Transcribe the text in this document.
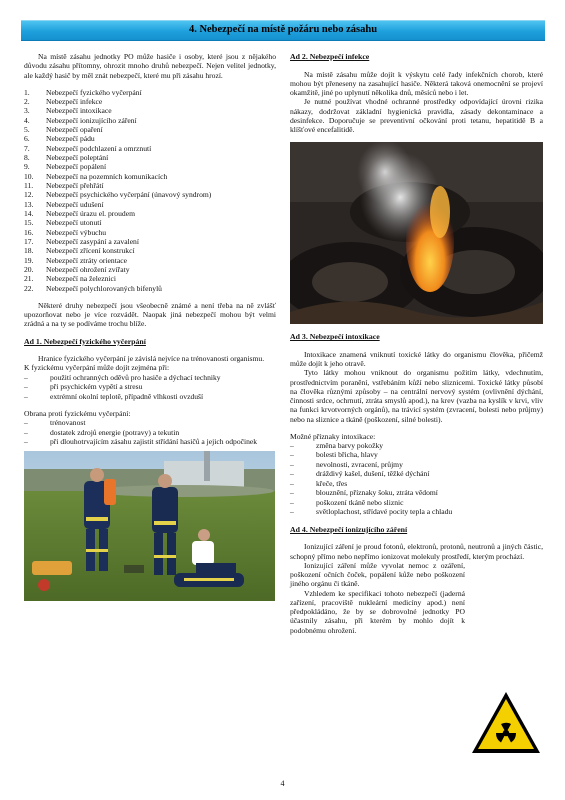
4. Nebezpečí na místě požáru nebo zásahu

Na místě zásahu jednotky PO může hasiče i osoby, které jsou z nějakého důvodu zásahu přítomny, ohrozit mnoho druhů nebezpečí. Nejen velitel jednotky, ale každý hasič by měl znát nebezpečí, které mu při zásahu hrozí.

1.	Nebezpečí fyzického vyčerpání
2.	Nebezpečí infekce
3.	Nebezpečí intoxikace
4.	Nebezpečí ionizujícího záření
5.	Nebezpečí opaření
6.	Nebezpečí pádu
7.	Nebezpečí podchlazení a omrznutí
8.	Nebezpečí poleptání
9.	Nebezpečí popálení
10.	Nebezpečí na pozemních komunikacích
11.	Nebezpečí přehřátí
12.	Nebezpečí psychického vyčerpání (únavový syndrom)
13.	Nebezpečí udušení
14.	Nebezpečí úrazu el. proudem
15.	Nebezpečí utonutí
16.	Nebezpečí výbuchu
17.	Nebezpečí zasypání a zavalení
18.	Nebezpečí zřícení konstrukcí
19.	Nebezpečí ztráty orientace
20.	Nebezpečí ohrožení zvířaty
21.	Nebezpečí na železnici
22.	Nebezpečí polychlorovaných bifenylů

Některé druhy nebezpečí jsou všeobecně známé a není třeba na ně zvlášť upozorňovat nebo je více rozvádět. Naopak jiná nebezpečí mohou být velmi zrádná a na ty se podíváme trochu blíže.

Ad 1. Nebezpečí fyzického vyčerpání

Hranice fyzického vyčerpání je závislá nejvíce na trénovanosti organismu.

K fyzickému vyčerpání může dojít zejména při:

–	použití ochranných oděvů pro hasiče a dýchací techniky
–	při psychickém vypětí a stresu
–	extrémní okolní teplotě, případně vlhkosti ovzduší

Obrana proti fyzickému vyčerpání:

–	trénovanost
–	dostatek zdrojů energie (potravy) a tekutin
–	při dlouhotrvajícím zásahu zajistit střídání hasičů a jejich odpočinek
Ad 2. Nebezpečí infekce

Na místě zásahu může dojít k výskytu celé řady infekčních chorob, které mohou být přeneseny na zasahující hasiče. Některá taková onemocnění se projeví okamžitě, jiné po uplynutí několika dnů, měsíců nebo i let.

Je nutné používat vhodné ochranné prostředky odpovídající úrovni rizika nákazy, dodržovat základní hygienická pravidla, zásady dekontaminace a desinfekce. Doporučuje se preventivní očkování proti tetanu, hepatitidě B a klíšťové encefalitidě.

Ad 3. Nebezpečí intoxikace

Intoxikace znamená vniknutí toxické látky do organismu člověka, přičemž může dojít k jeho otravě.

Tyto látky mohou vniknout do organismu požitím látky, vdechnutím, prostřednictvím poranění, vstřebáním kůží nebo sliznicemi. Toxické látky působí na člověka různými způsoby – na centrální nervový systém (ovlivnění dýchání, činnosti srdce, ochrnutí, ztráta smyslů apod.), na krev (vazba na kyslík v krvi, vliv na funkci krvotvorných orgánů), na trávicí systém (zvracení, bolesti nebo průjmy) nebo na sliznice a tkáně (poškození, silné bolesti).

Možné příznaky intoxikace:

–	změna barvy pokožky
–	bolesti břicha, hlavy
–	nevolnosti, zvracení, průjmy
–	dráždivý kašel, dušení, těžké dýchání
–	křeče, třes
–	blouznění, příznaky šoku, ztráta vědomí
–	poškození tkáně nebo sliznic
–	světloplachost, střídavé pocity tepla a chladu
Ad 4. Nebezpečí ionizujícího záření

Ionizující záření je proud fotonů, elektronů, protonů, neutronů a jiných částic, schopný přímo nebo nepřímo ionizovat molekuly prostředí, kterým prochází.

Ionizující záření může vyvolat nemoc z ozáření, poškození očních čoček, popálení kůže nebo poškození jiného orgánu či tkáně.

Vzhledem ke specifikaci tohoto nebezpečí (jaderná zařízení, pracoviště nukleární medicíny apod.) není předpokládáno, že by se dobrovolné jednotky PO účastnily zásahu, při kterém by mohlo dojít k podobnému ohrožení.

4
